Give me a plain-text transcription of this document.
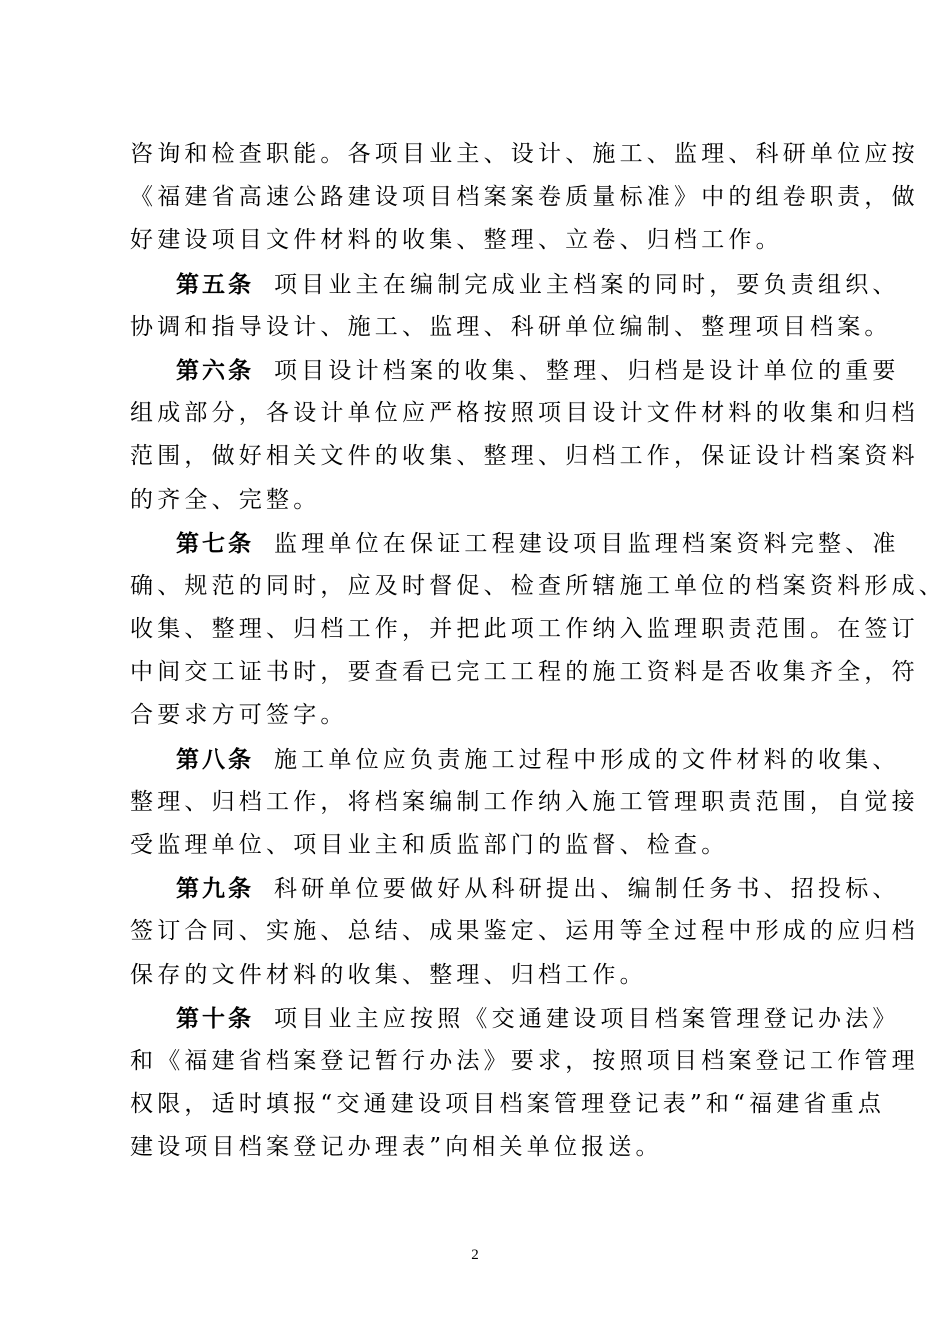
咨询和检查职能。各项目业主、设计、施工、监理、科研单位应按
《福建省高速公路建设项目档案案卷质量标准》中的组卷职责，做
好建设项目文件材料的收集、整理、立卷、归档工作。
第五条 项目业主在编制完成业主档案的同时，要负责组织、
协调和指导设计、施工、监理、科研单位编制、整理项目档案。
第六条 项目设计档案的收集、整理、归档是设计单位的重要
组成部分，各设计单位应严格按照项目设计文件材料的收集和归档
范围，做好相关文件的收集、整理、归档工作，保证设计档案资料
的齐全、完整。
第七条 监理单位在保证工程建设项目监理档案资料完整、准
确、规范的同时，应及时督促、检查所辖施工单位的档案资料形成、
收集、整理、归档工作，并把此项工作纳入监理职责范围。在签订
中间交工证书时，要查看已完工工程的施工资料是否收集齐全，符
合要求方可签字。
第八条 施工单位应负责施工过程中形成的文件材料的收集、
整理、归档工作，将档案编制工作纳入施工管理职责范围，自觉接
受监理单位、项目业主和质监部门的监督、检查。
第九条 科研单位要做好从科研提出、编制任务书、招投标、
签订合同、实施、总结、成果鉴定、运用等全过程中形成的应归档
保存的文件材料的收集、整理、归档工作。
第十条 项目业主应按照《交通建设项目档案管理登记办法》
和《福建省档案登记暂行办法》要求，按照项目档案登记工作管理
权限，适时填报“交通建设项目档案管理登记表”和“福建省重点
建设项目档案登记办理表”向相关单位报送。
2
